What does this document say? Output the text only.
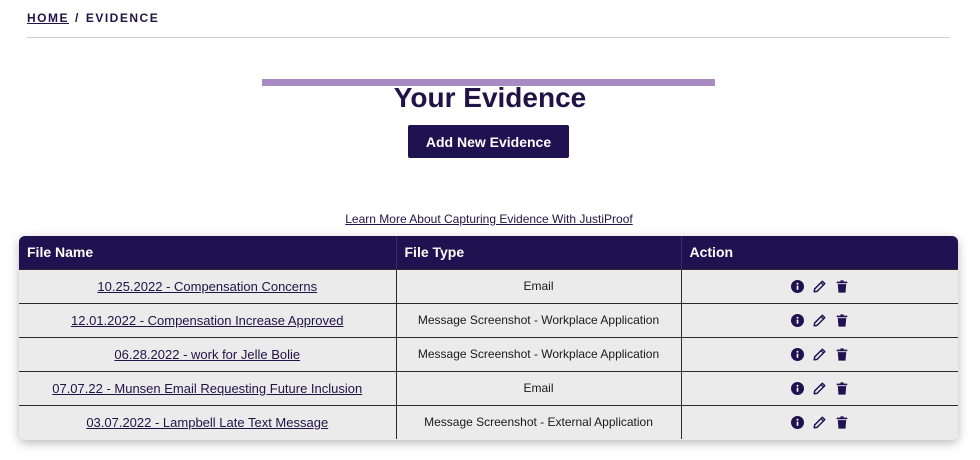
HOME / EVIDENCE
Your Evidence
Add New Evidence
Learn More About Capturing Evidence With JustiProof
File Name	File Type	Action
10.25.2022 - Compensation Concerns	Email	

12.01.2022 - Compensation Increase Approved	Message Screenshot - Workplace Application	

06.28.2022 - work for Jelle Bolie	Message Screenshot - Workplace Application	

07.07.22 - Munsen Email Requesting Future Inclusion	Email	

03.07.2022 - Lampbell Late Text Message	Message Screenshot - External Application	
